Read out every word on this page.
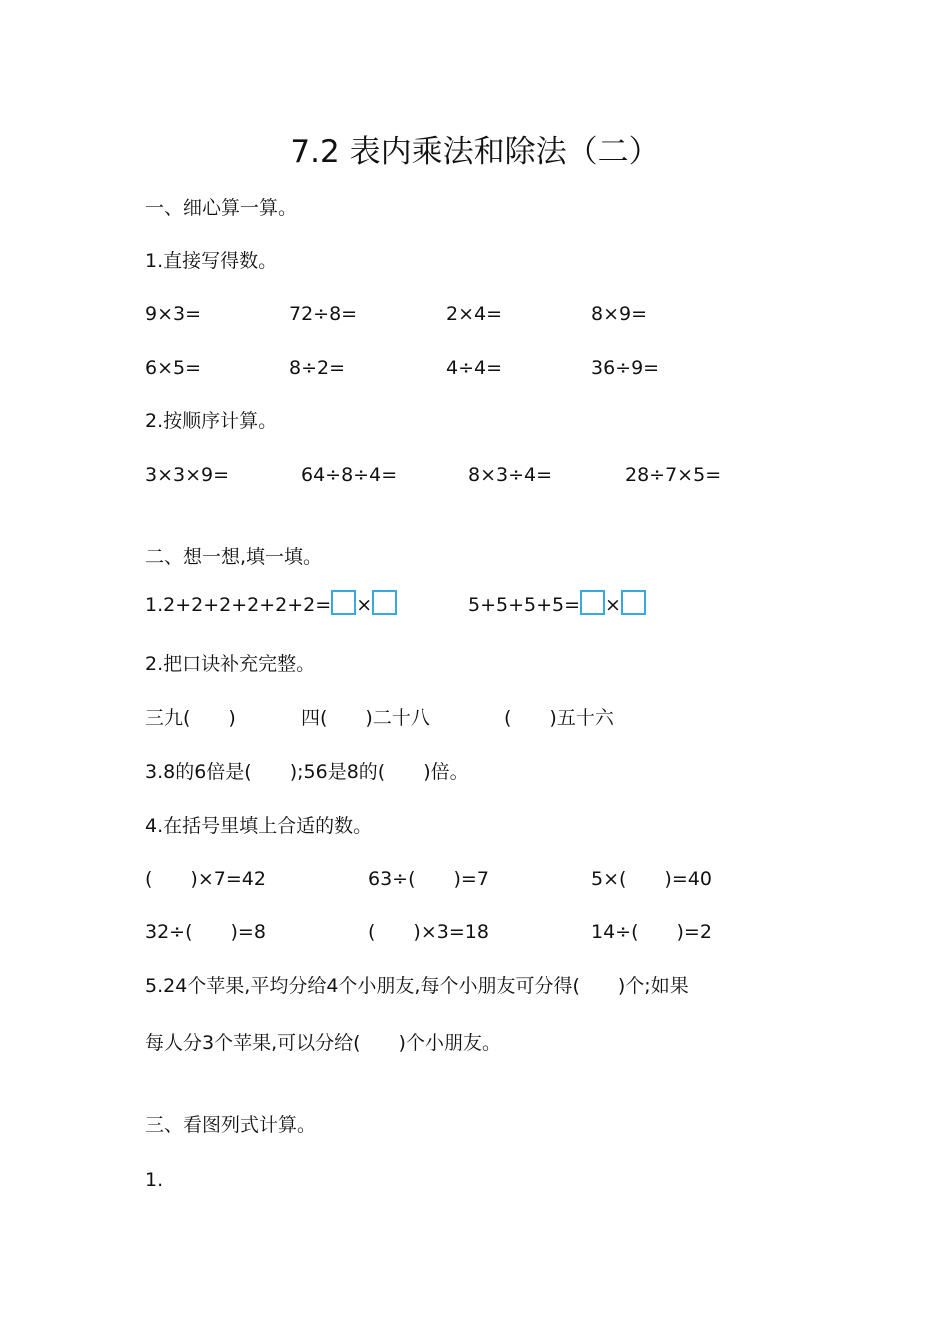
7.2 表内乘法和除法（二）
一、细心算一算。
1.直接写得数。
9×3=	72÷8=	2×4=	8×9=
6×5=	8÷2=	4÷4=	36÷9=
2.按顺序计算。
3×3×9=	64÷8÷4=	8×3÷4=	28÷7×5=
二、想一想,填一填。
1.2+2+2+2+2+2= ×	5+5+5+5= ×
2.把口诀补充完整。
三九(　　)	四(　　)二十八	(　　)五十六
3.8的6倍是(　　);56是8的(　　)倍。
4.在括号里填上合适的数。
(　　)×7=42	63÷(　　)=7	5×(　　)=40
32÷(　　)=8	(　　)×3=18	14÷(　　)=2
5.24个苹果,平均分给4个小朋友,每个小朋友可分得(　　)个;如果
每人分3个苹果,可以分给(　　)个小朋友。
三、看图列式计算。
1.
